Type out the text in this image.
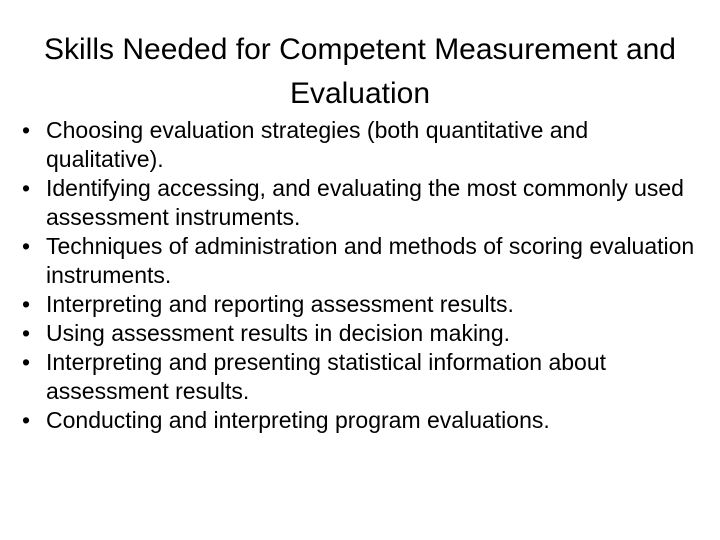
Skills Needed for Competent Measurement and Evaluation
• Choosing evaluation strategies (both quantitative and qualitative).
• Identifying accessing, and evaluating the most commonly used assessment instruments.
• Techniques of administration and methods of scoring evaluation instruments.
• Interpreting and reporting assessment results.
• Using assessment results in decision making.
• Interpreting and presenting statistical information about assessment results.
• Conducting and interpreting program evaluations.
